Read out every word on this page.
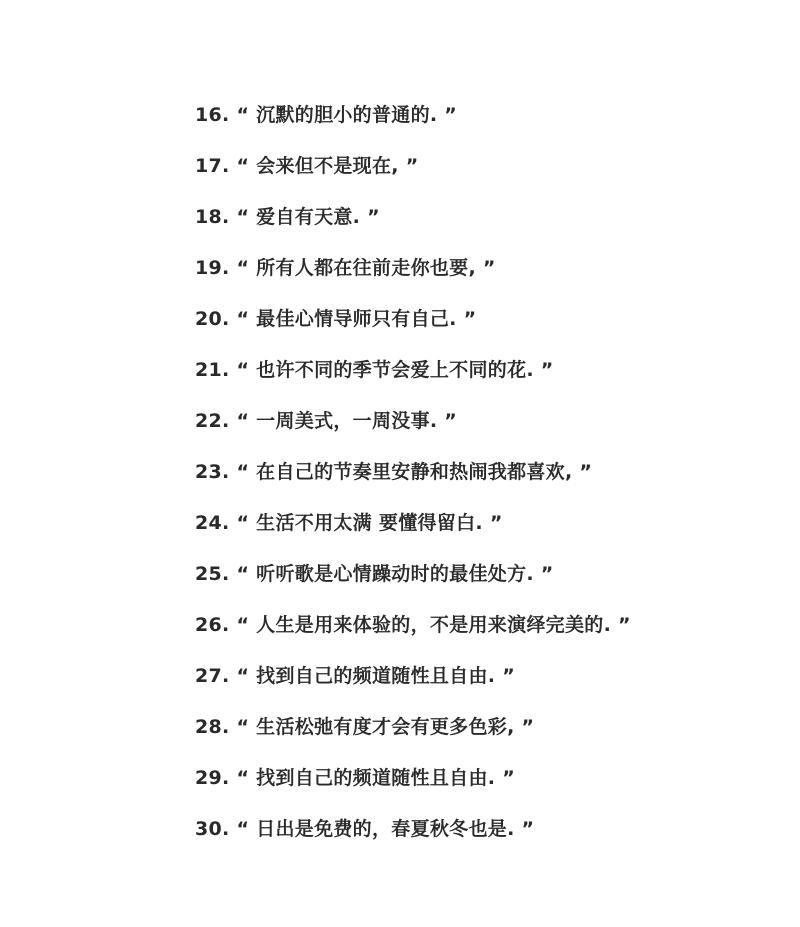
16. “ 沉默的胆小的普通的. ”
17. “ 会来但不是现在, ”
18. “ 爱自有天意. ”
19. “ 所有人都在往前走你也要, ”
20. “ 最佳心情导师只有自己. ”
21. “ 也许不同的季节会爱上不同的花. ”
22. “ 一周美式，一周没事. ”
23. “ 在自己的节奏里安静和热闹我都喜欢, ”
24. “ 生活不用太满 要懂得留白. ”
25. “ 听听歌是心情躁动时的最佳处方. ”
26. “ 人生是用来体验的，不是用来演绎完美的. ”
27. “ 找到自己的频道随性且自由. ”
28. “ 生活松弛有度才会有更多色彩, ”
29. “ 找到自己的频道随性且自由. ”
30. “ 日出是免费的，春夏秋冬也是. ”
